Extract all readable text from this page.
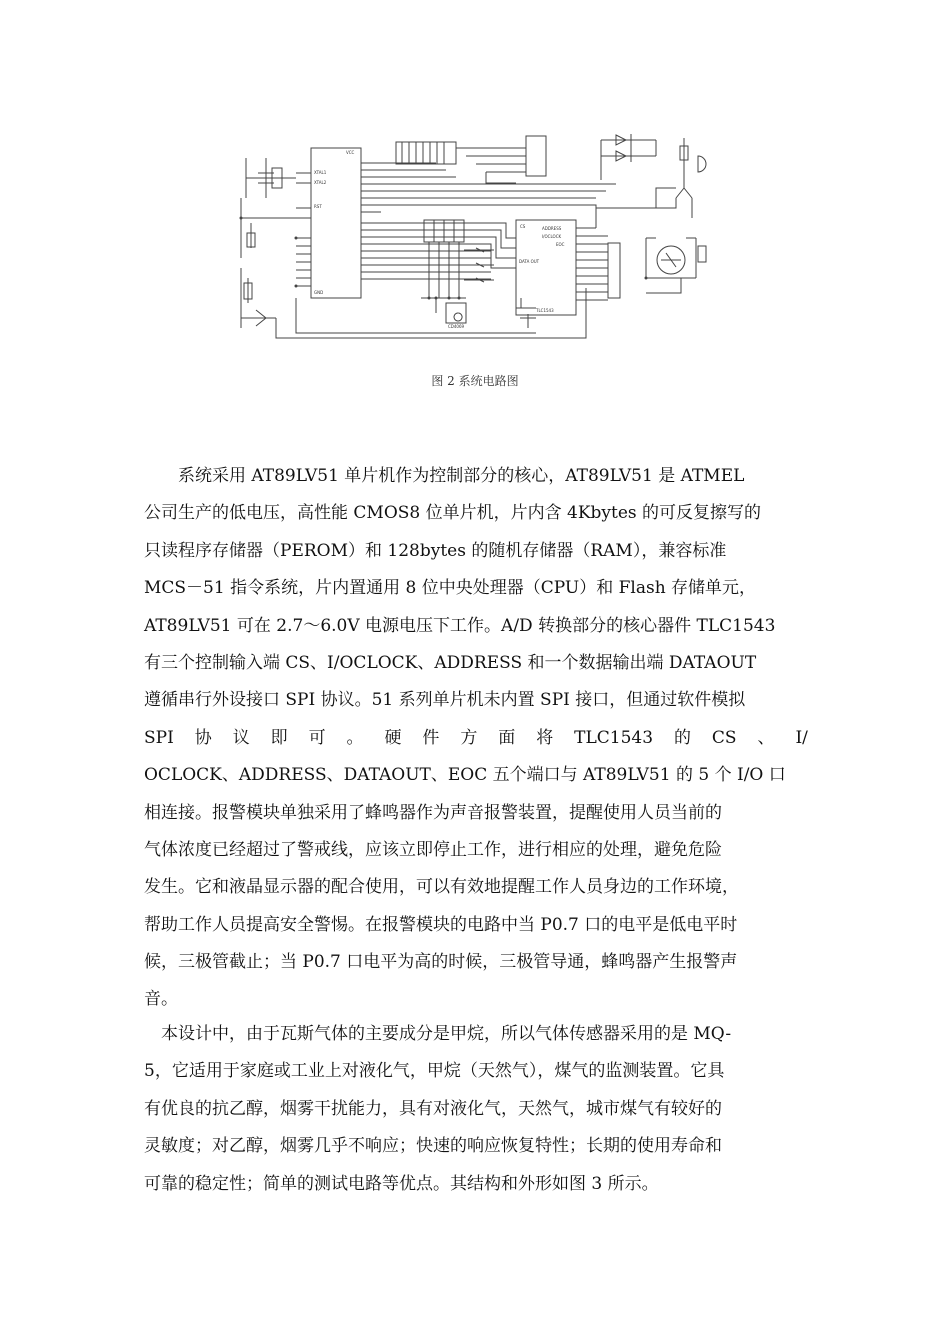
XTAL1
XTAL2
RST
VCC
GND
TLC1543
ADDRESS
I/OCLOCK
DATA OUT
EOC
CS
CD4069
图 2 系统电路图
系统采用 AT89LV51 单片机作为控制部分的核心，AT89LV51 是 ATMEL
公司生产的低电压，高性能 CMOS8 位单片机，片内含 4Kbytes 的可反复擦写的
只读程序存储器（PEROM）和 128bytes 的随机存储器（RAM），兼容标准
MCS－51 指令系统，片内置通用 8 位中央处理器（CPU）和 Flash 存储单元，
AT89LV51 可在 2.7～6.0V 电源电压下工作。A/D 转换部分的核心器件 TLC1543
有三个控制输入端 CS、I/OCLOCK、ADDRESS 和一个数据输出端 DATAOUT
遵循串行外设接口 SPI 协议。51 系列单片机未内置 SPI 接口，但通过软件模拟
SPI 协 议 即 可 。 硬 件 方 面 将 TLC1543 的 CS 、 I/
OCLOCK、ADDRESS、DATAOUT、EOC 五个端口与 AT89LV51 的 5 个 I/O 口
相连接。报警模块单独采用了蜂鸣器作为声音报警装置，提醒使用人员当前的
气体浓度已经超过了警戒线，应该立即停止工作，进行相应的处理，避免危险
发生。它和液晶显示器的配合使用，可以有效地提醒工作人员身边的工作环境，
帮助工作人员提高安全警惕。在报警模块的电路中当 P0.7 口的电平是低电平时
候，三极管截止；当 P0.7 口电平为高的时候，三极管导通，蜂鸣器产生报警声
音。
本设计中，由于瓦斯气体的主要成分是甲烷，所以气体传感器采用的是 MQ-
5，它适用于家庭或工业上对液化气，甲烷（天然气），煤气的监测装置。它具
有优良的抗乙醇，烟雾干扰能力，具有对液化气，天然气，城市煤气有较好的
灵敏度；对乙醇，烟雾几乎不响应；快速的响应恢复特性；长期的使用寿命和
可靠的稳定性；简单的测试电路等优点。其结构和外形如图 3 所示。
